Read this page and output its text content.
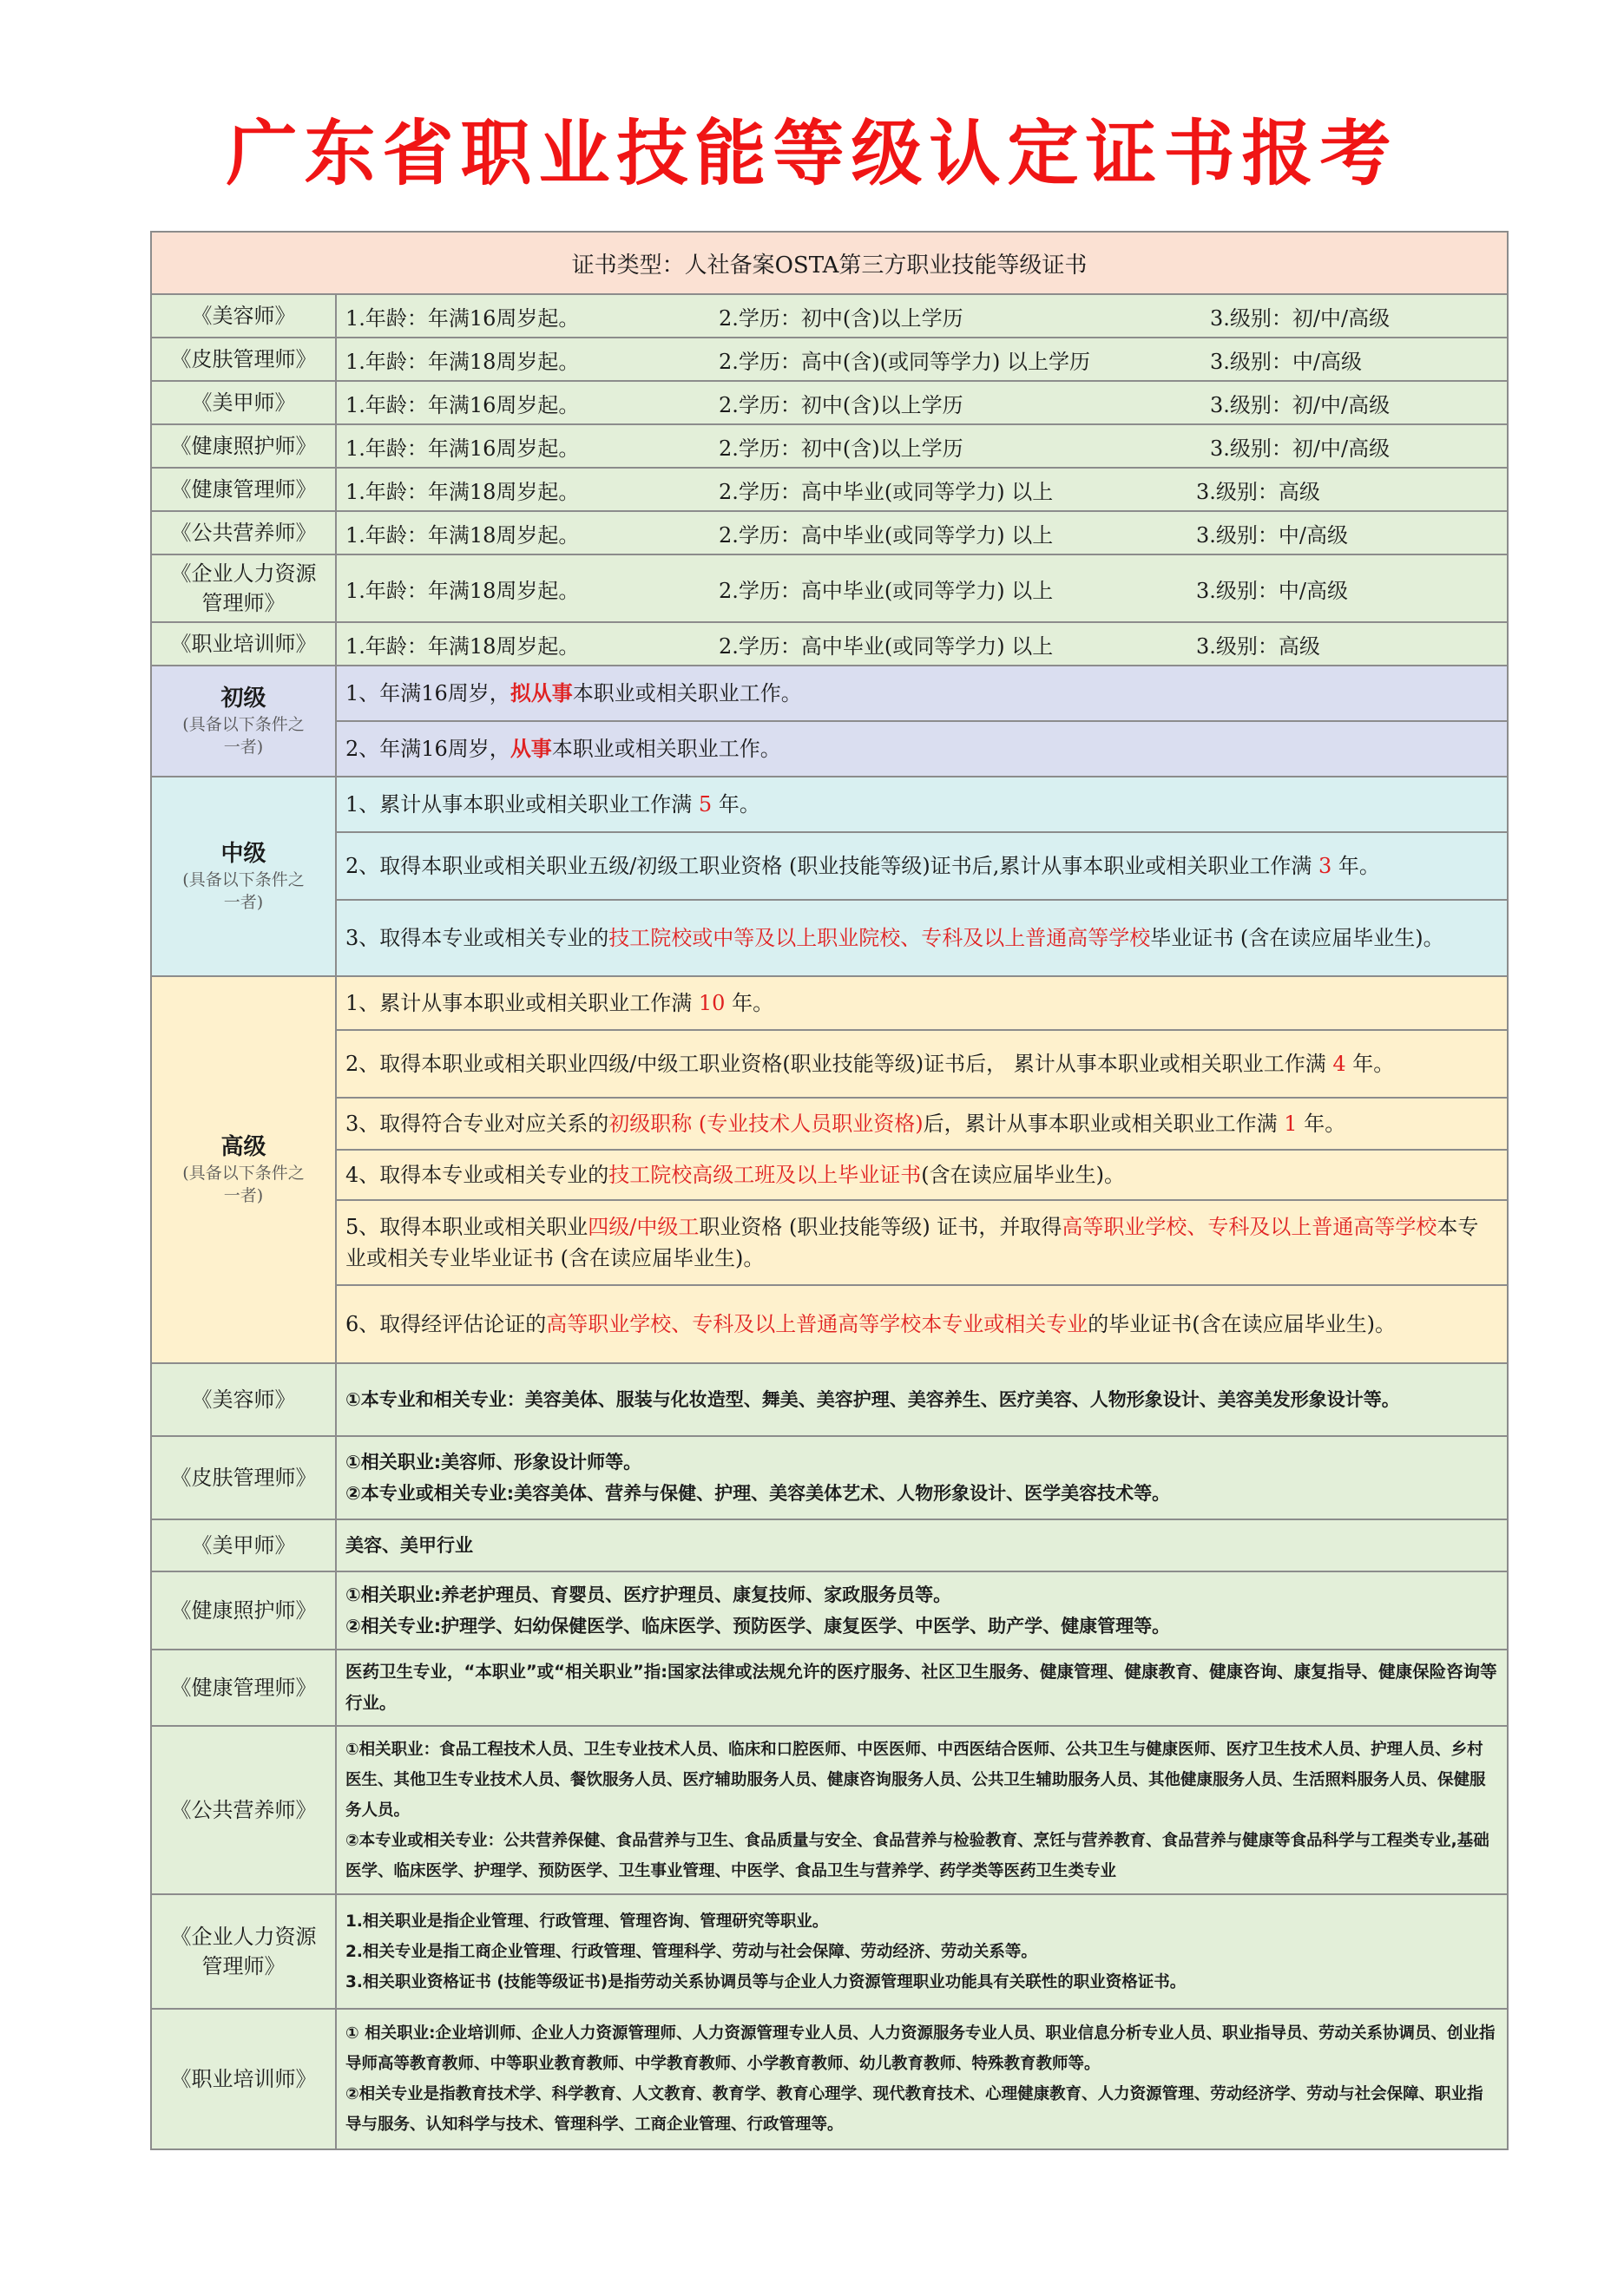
广东省职业技能等级认定证书报考
证书类型：人社备案OSTA第三方职业技能等级证书	
《美容师》	1.年龄：年满16周岁起。 2.学历：初中(含)以上学历 3.级别：初/中/高级
《皮肤管理师》	1.年龄：年满18周岁起。 2.学历：高中(含)(或同等学力) 以上学历 3.级别：中/高级
《美甲师》	1.年龄：年满16周岁起。 2.学历：初中(含)以上学历 3.级别：初/中/高级
《健康照护师》	1.年龄：年满16周岁起。 2.学历：初中(含)以上学历 3.级别：初/中/高级
《健康管理师》	1.年龄：年满18周岁起。 2.学历：高中毕业(或同等学力) 以上 3.级别：高级
《公共营养师》	1.年龄：年满18周岁起。 2.学历：高中毕业(或同等学力) 以上 3.级别：中/高级
《企业人力资源
管理师》	1.年龄：年满18周岁起。 2.学历：高中毕业(或同等学力) 以上 3.级别：中/高级
《职业培训师》	1.年龄：年满18周岁起。 2.学历：高中毕业(或同等学力) 以上 3.级别：高级

初级
(具备以下条件之
一者)	1、年满16周岁，拟从事本职业或相关职业工作。
	2、年满16周岁，从事本职业或相关职业工作。

中级
(具备以下条件之
一者)	1、累计从事本职业或相关职业工作满 5 年。
	2、取得本职业或相关职业五级/初级工职业资格 (职业技能等级)证书后,累计从事本职业或相关职业工作满 3 年。
	3、取得本专业或相关专业的技工院校或中等及以上职业院校、专科及以上普通高等学校毕业证书 (含在读应届毕业生)。

高级
(具备以下条件之
一者)	1、累计从事本职业或相关职业工作满 10 年。
	2、取得本职业或相关职业四级/中级工职业资格(职业技能等级)证书后， 累计从事本职业或相关职业工作满 4 年。
	3、取得符合专业对应关系的初级职称 (专业技术人员职业资格)后，累计从事本职业或相关职业工作满 1 年。
	4、取得本专业或相关专业的技工院校高级工班及以上毕业证书(含在读应届毕业生)。
	5、取得本职业或相关职业四级/中级工职业资格 (职业技能等级) 证书，并取得高等职业学校、专科及以上普通高等学校本专业或相关专业毕业证书 (含在读应届毕业生)。
	6、取得经评估论证的高等职业学校、专科及以上普通高等学校本专业或相关专业的毕业证书(含在读应届毕业生)。
《美容师》	①本专业和相关专业：美容美体、服装与化妆造型、舞美、美容护理、美容养生、医疗美容、人物形象设计、美容美发形象设计等。

《皮肤管理师》	①相关职业:美容师、形象设计师等。
②本专业或相关专业:美容美体、营养与保健、护理、美容美体艺术、人物形象设计、医学美容技术等。

《美甲师》	美容、美甲行业

《健康照护师》	①相关职业:养老护理员、育婴员、医疗护理员、康复技师、家政服务员等。
②相关专业:护理学、妇幼保健医学、临床医学、预防医学、康复医学、中医学、助产学、健康管理等。

《健康管理师》	医药卫生专业，“本职业”或“相关职业”指:国家法律或法规允许的医疗服务、社区卫生服务、健康管理、健康教育、健康咨询、康复指导、健康保险咨询等行业。

《公共营养师》	①相关职业：食品工程技术人员、卫生专业技术人员、临床和口腔医师、中医医师、中西医结合医师、公共卫生与健康医师、医疗卫生技术人员、护理人员、乡村医生、其他卫生专业技术人员、餐饮服务人员、医疗辅助服务人员、健康咨询服务人员、公共卫生辅助服务人员、其他健康服务人员、生活照料服务人员、保健服务人员。
②本专业或相关专业：公共营养保健、食品营养与卫生、食品质量与安全、食品营养与检验教育、烹饪与营养教育、食品营养与健康等食品科学与工程类专业,基础医学、临床医学、护理学、预防医学、卫生事业管理、中医学、食品卫生与营养学、药学类等医药卫生类专业

《企业人力资源
管理师》	1.相关职业是指企业管理、行政管理、管理咨询、管理研究等职业。
2.相关专业是指工商企业管理、行政管理、管理科学、劳动与社会保障、劳动经济、劳动关系等。
3.相关职业资格证书 (技能等级证书)是指劳动关系协调员等与企业人力资源管理职业功能具有关联性的职业资格证书。

《职业培训师》	① 相关职业:企业培训师、企业人力资源管理师、人力资源管理专业人员、人力资源服务专业人员、职业信息分析专业人员、职业指导员、劳动关系协调员、创业指导师高等教育教师、中等职业教育教师、中学教育教师、小学教育教师、幼儿教育教师、特殊教育教师等。
②相关专业是指教育技术学、科学教育、人文教育、教育学、教育心理学、现代教育技术、心理健康教育、人力资源管理、劳动经济学、劳动与社会保障、职业指导与服务、认知科学与技术、管理科学、工商企业管理、行政管理等。
